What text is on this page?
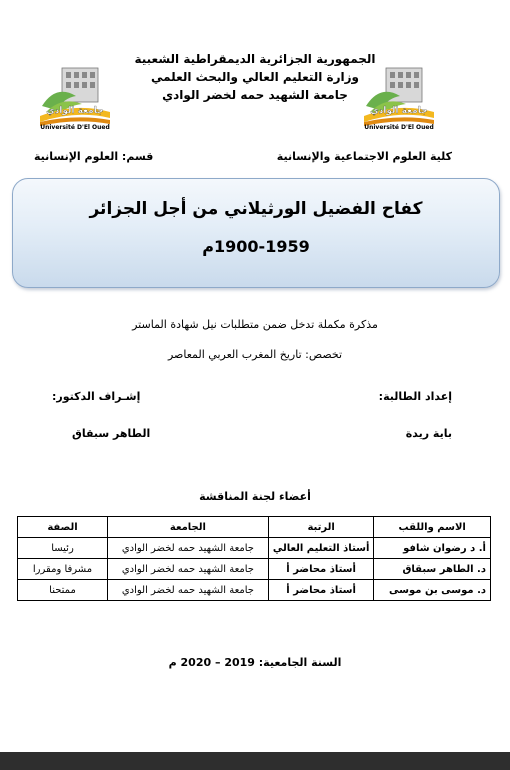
الجمهورية الجزائرية الديمقراطية الشعبية
وزارة التعليم العالي والبحث العلمي
جامعة الشهيد حمه لخضر الوادي
جامعة الوادي
Université D'El Oued
جامعة الوادي
Université D'El Oued
كلية العلوم الاجتماعية والإنسانية
قسم: العلوم الإنسانية
كفاح الفضيل الورثيلاني من أجل الجزائر
1900-1959م
مذكرة مكملة تدخل ضمن متطلبات نيل شهادة الماستر
تخصص: تاريخ المغرب العربي المعاصر
إعداد الطالبة:
إشـراف الدكتور:
باية ريدة
الطاهر سبقاق
أعضاء لجنة المناقشة
الاسم واللقب	الرتبة	الجامعة	الصفة
أ. د رضوان شافو	أستاذ التعليم العالي	جامعة الشهيد حمه لخضر الوادي	رئيسا
د. الطاهر سبقاق	أستاذ محاضر أ	جامعة الشهيد حمه لخضر الوادي	مشرفا ومقررا
د. موسى بن موسى	أستاذ محاضر أ	جامعة الشهيد حمه لخضر الوادي	ممتحنا
السنة الجامعية: 2019 – 2020 م
